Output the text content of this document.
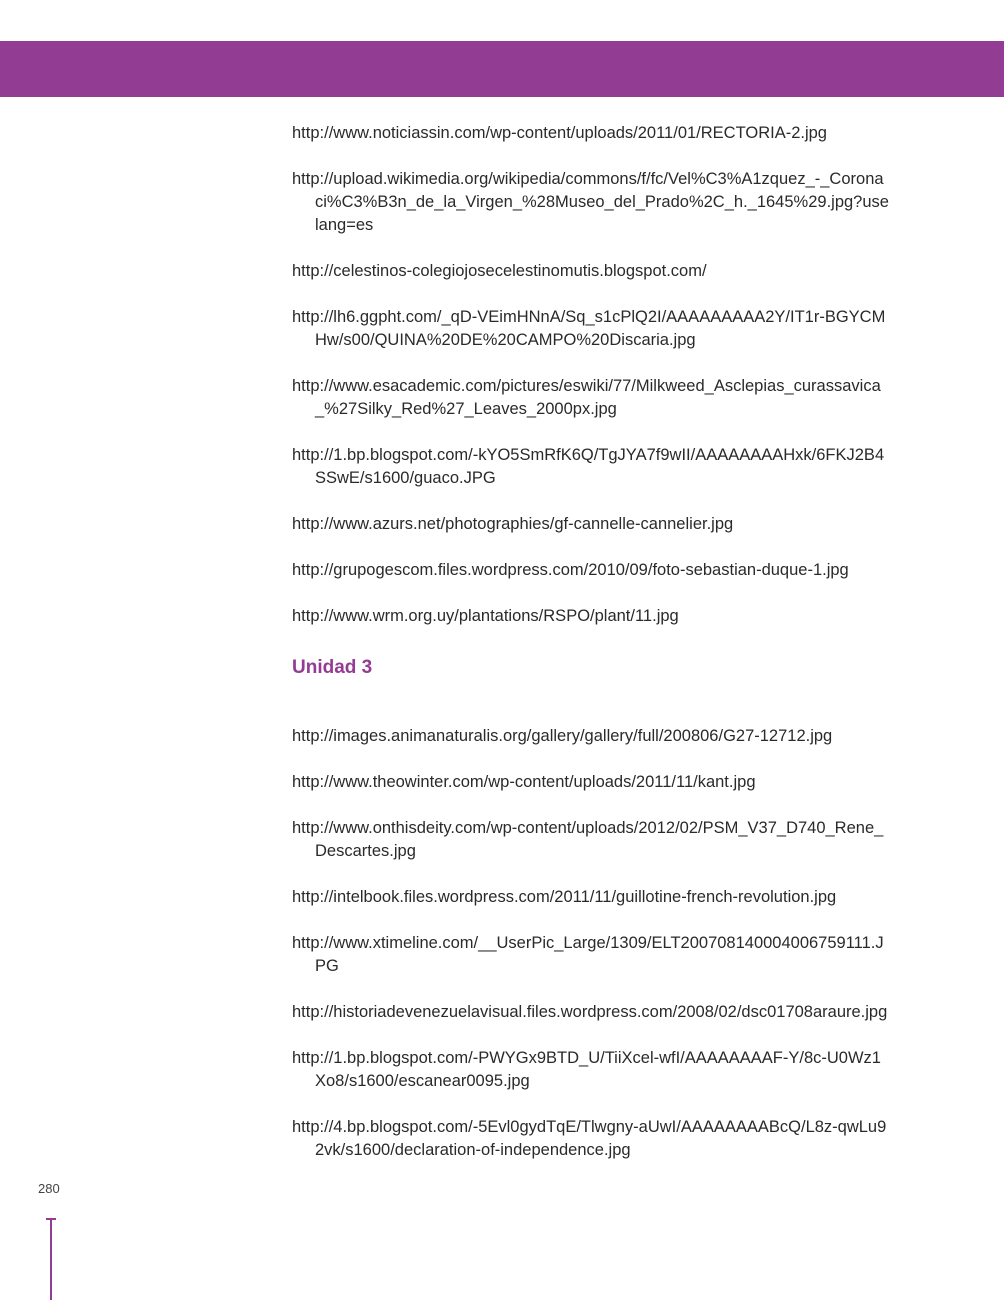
http://www.noticiassin.com/wp-content/uploads/2011/01/RECTORIA-2.jpg

http://upload.wikimedia.org/wikipedia/commons/f/fc/Vel%C3%A1zquez_-_Coronaci%C3%B3n_de_la_Virgen_%28Museo_del_Prado%2C_h._1645%29.jpg?uselang=es

http://celestinos-colegiojosecelestinomutis.blogspot.com/

http://lh6.ggpht.com/_qD-VEimHNnA/Sq_s1cPlQ2I/AAAAAAAAA2Y/IT1r-BGYCMHw/s00/QUINA%20DE%20CAMPO%20Discaria.jpg

http://www.esacademic.com/pictures/eswiki/77/Milkweed_Asclepias_curassavica_%27Silky_Red%27_Leaves_2000px.jpg

http://1.bp.blogspot.com/-kYO5SmRfK6Q/TgJYA7f9wII/AAAAAAAAHxk/6FKJ2B4SSwE/s1600/guaco.JPG

http://www.azurs.net/photographies/gf-cannelle-cannelier.jpg

http://grupogescom.files.wordpress.com/2010/09/foto-sebastian-duque-1.jpg

http://www.wrm.org.uy/plantations/RSPO/plant/11.jpg

Unidad 3

http://images.animanaturalis.org/gallery/gallery/full/200806/G27-12712.jpg

http://www.theowinter.com/wp-content/uploads/2011/11/kant.jpg

http://www.onthisdeity.com/wp-content/uploads/2012/02/PSM_V37_D740_Rene_Descartes.jpg

http://intelbook.files.wordpress.com/2011/11/guillotine-french-revolution.jpg

http://www.xtimeline.com/__UserPic_Large/1309/ELT200708140004006759111.JPG

http://historiadevenezuelavisual.files.wordpress.com/2008/02/dsc01708araure.jpg

http://1.bp.blogspot.com/-PWYGx9BTD_U/TiiXcel-wfI/AAAAAAAAF-Y/8c-U0Wz1Xo8/s1600/escanear0095.jpg

http://4.bp.blogspot.com/-5Evl0gydTqE/Tlwgny-aUwI/AAAAAAAABcQ/L8z-qwLu92vk/s1600/declaration-of-independence.jpg

280
